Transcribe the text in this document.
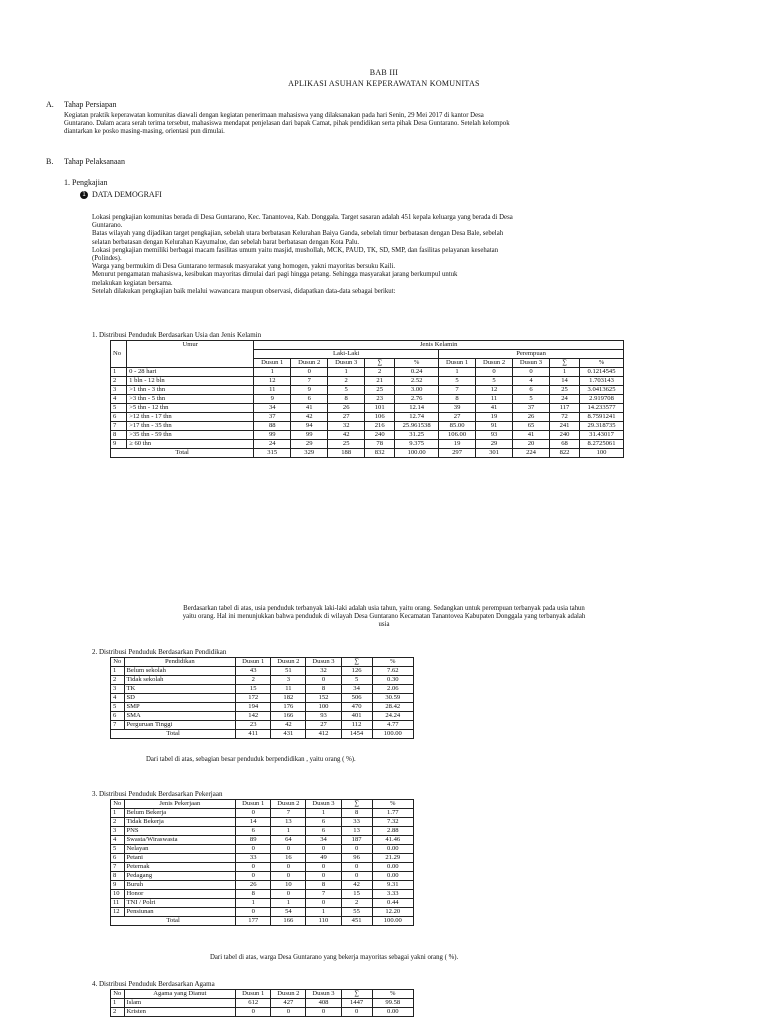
BAB III
APLIKASI ASUHAN KEPERAWATAN KOMUNITAS
A. Tahap Persiapan
Kegiatan praktik keperawatan komunitas diawali dengan kegiatan penerimaan mahasiswa yang dilaksanakan pada hari Senin, 29 Mei 2017 di kantor Desa
Guntarano. Dalam acara serah terima tersebut, mahasiswa mendapat penjelasan dari bapak Camat, pihak pendidikan serta pihak Desa Guntarano. Setelah kelompok
diantarkan ke posko masing-masing, orientasi pun dimulai.
B. Tahap Pelaksanaan
1. Pengkajian
1 DATA DEMOGRAFI
Lokasi pengkajian komunitas berada di Desa Guntarano, Kec. Tanantovea, Kab. Donggala. Target sasaran adalah 451 kepala keluarga yang berada di Desa
Guntarano.
Batas wilayah yang dijadikan target pengkajian, sebelah utara berbatasan Kelurahan Baiya Ganda, sebelah timur berbatasan dengan Desa Bale, sebelah
selatan berbatasan dengan Kelurahan Kayumalue, dan sebelah barat berbatasan dengan Kota Palu.
Lokasi pengkajian memiliki berbagai macam fasilitas umum yaitu masjid, mushollah, MCK, PAUD, TK, SD, SMP, dan fasilitas pelayanan kesehatan
(Polindes).
Warga yang bermukim di Desa Guntarano termasuk masyarakat yang homogen, yakni mayoritas bersuku Kaili.
Menurut pengamatan mahasiswa, kesibukan mayoritas dimulai dari pagi hingga petang. Sehingga masyarakat jarang berkumpul untuk
melakukan kegiatan bersama.
Setelah dilakukan pengkajian baik melalui wawancara maupun observasi, didapatkan data-data sebagai berikut:
1. Distribusi Penduduk Berdasarkan Usia dan Jenis Kelamin
No	Umur	Jenis Kelamin									
		Laki-Laki					Perempuan				
		Dusun 1	Dusun 2	Dusun 3	∑	%	Dusun 1	Dusun 2	Dusun 3	∑	%
1	0 - 28 hari	1	0	1	2	0.24	1	0	0	1	0.1214545
2	1 bln - 12 bln	12	7	2	21	2.52	5	5	4	14	1.703143
3	>1 thn - 3 thn	11	9	5	25	3.00	7	12	6	25	3.0413625
4	>3 thn - 5 thn	9	6	8	23	2.76	8	11	5	24	2.919708
5	>5 thn - 12 thn	34	41	26	101	12.14	39	41	37	117	14.233577
6	>12 thn - 17 thn	37	42	27	106	12.74	27	19	26	72	8.7591241
7	>17 thn - 35 thn	88	94	32	216	25.961538	85.00	91	65	241	29.318735
8	>35 thn - 59 thn	99	99	42	240	31.25	106.00	93	41	240	31.43017
9	≥ 60 thn	24	29	25	78	9.375	19	29	20	68	8.2725061
Total		315	329	188	832	100.00	297	301	224	822	100
Berdasarkan tabel di atas, usia penduduk terbanyak laki-laki adalah usia tahun, yaitu orang. Sedangkan untuk perempuan terbanyak pada usia tahun
yaitu orang. Hal ini menunjukkan bahwa penduduk di wilayah Desa Guntarano Kecamatan Tanantovea Kabupaten Donggala yang terbanyak adalah
usia
2. Distribusi Penduduk Berdasarkan Pendidikan
No	Pendidikan	Dusun 1	Dusun 2	Dusun 3	∑	%
1	Belum sekolah	43	51	32	126	7.62
2	Tidak sekolah	2	3	0	5	0.30
3	TK	15	11	8	34	2.06
4	SD	172	182	152	506	30.59
5	SMP	194	176	100	470	28.42
6	SMA	142	166	93	401	24.24
7	Perguruan Tinggi	23	42	27	112	4.77
Total		411	431	412	1454	100.00
Dari tabel di atas, sebagian besar penduduk berpendidikan , yaitu orang ( %).
3. Distribusi Penduduk Berdasarkan Pekerjaan
No	Jenis Pekerjaan	Dusun 1	Dusun 2	Dusun 3	∑	%
1	Belum Bekerja	0	7	1	8	1.77
2	Tidak Bekerja	14	13	6	33	7.32
3	PNS	6	1	6	13	2.88
4	Swasta/Wiraswasta	89	64	34	187	41.46
5	Nelayan	0	0	0	0	0.00
6	Petani	33	16	49	96	21.29
7	Peternak	0	0	0	0	0.00
8	Pedagang	0	0	0	0	0.00
9	Buruh	26	10	8	42	9.31
10	Honor	8	0	7	15	3.33
11	TNI / Polri	1	1	0	2	0.44
12	Pensiunan	0	54	1	55	12.20
Total		177	166	110	451	100.00
Dari tabel di atas, warga Desa Guntarano yang bekerja mayoritas sebagai yakni orang ( %).
4. Distribusi Penduduk Berdasarkan Agama
No	Agama yang Dianut	Dusun 1	Dusun 2	Dusun 3	∑	%
1	Islam	612	427	408	1447	99.58
2	Kristen	0	0	0	0	0.00
